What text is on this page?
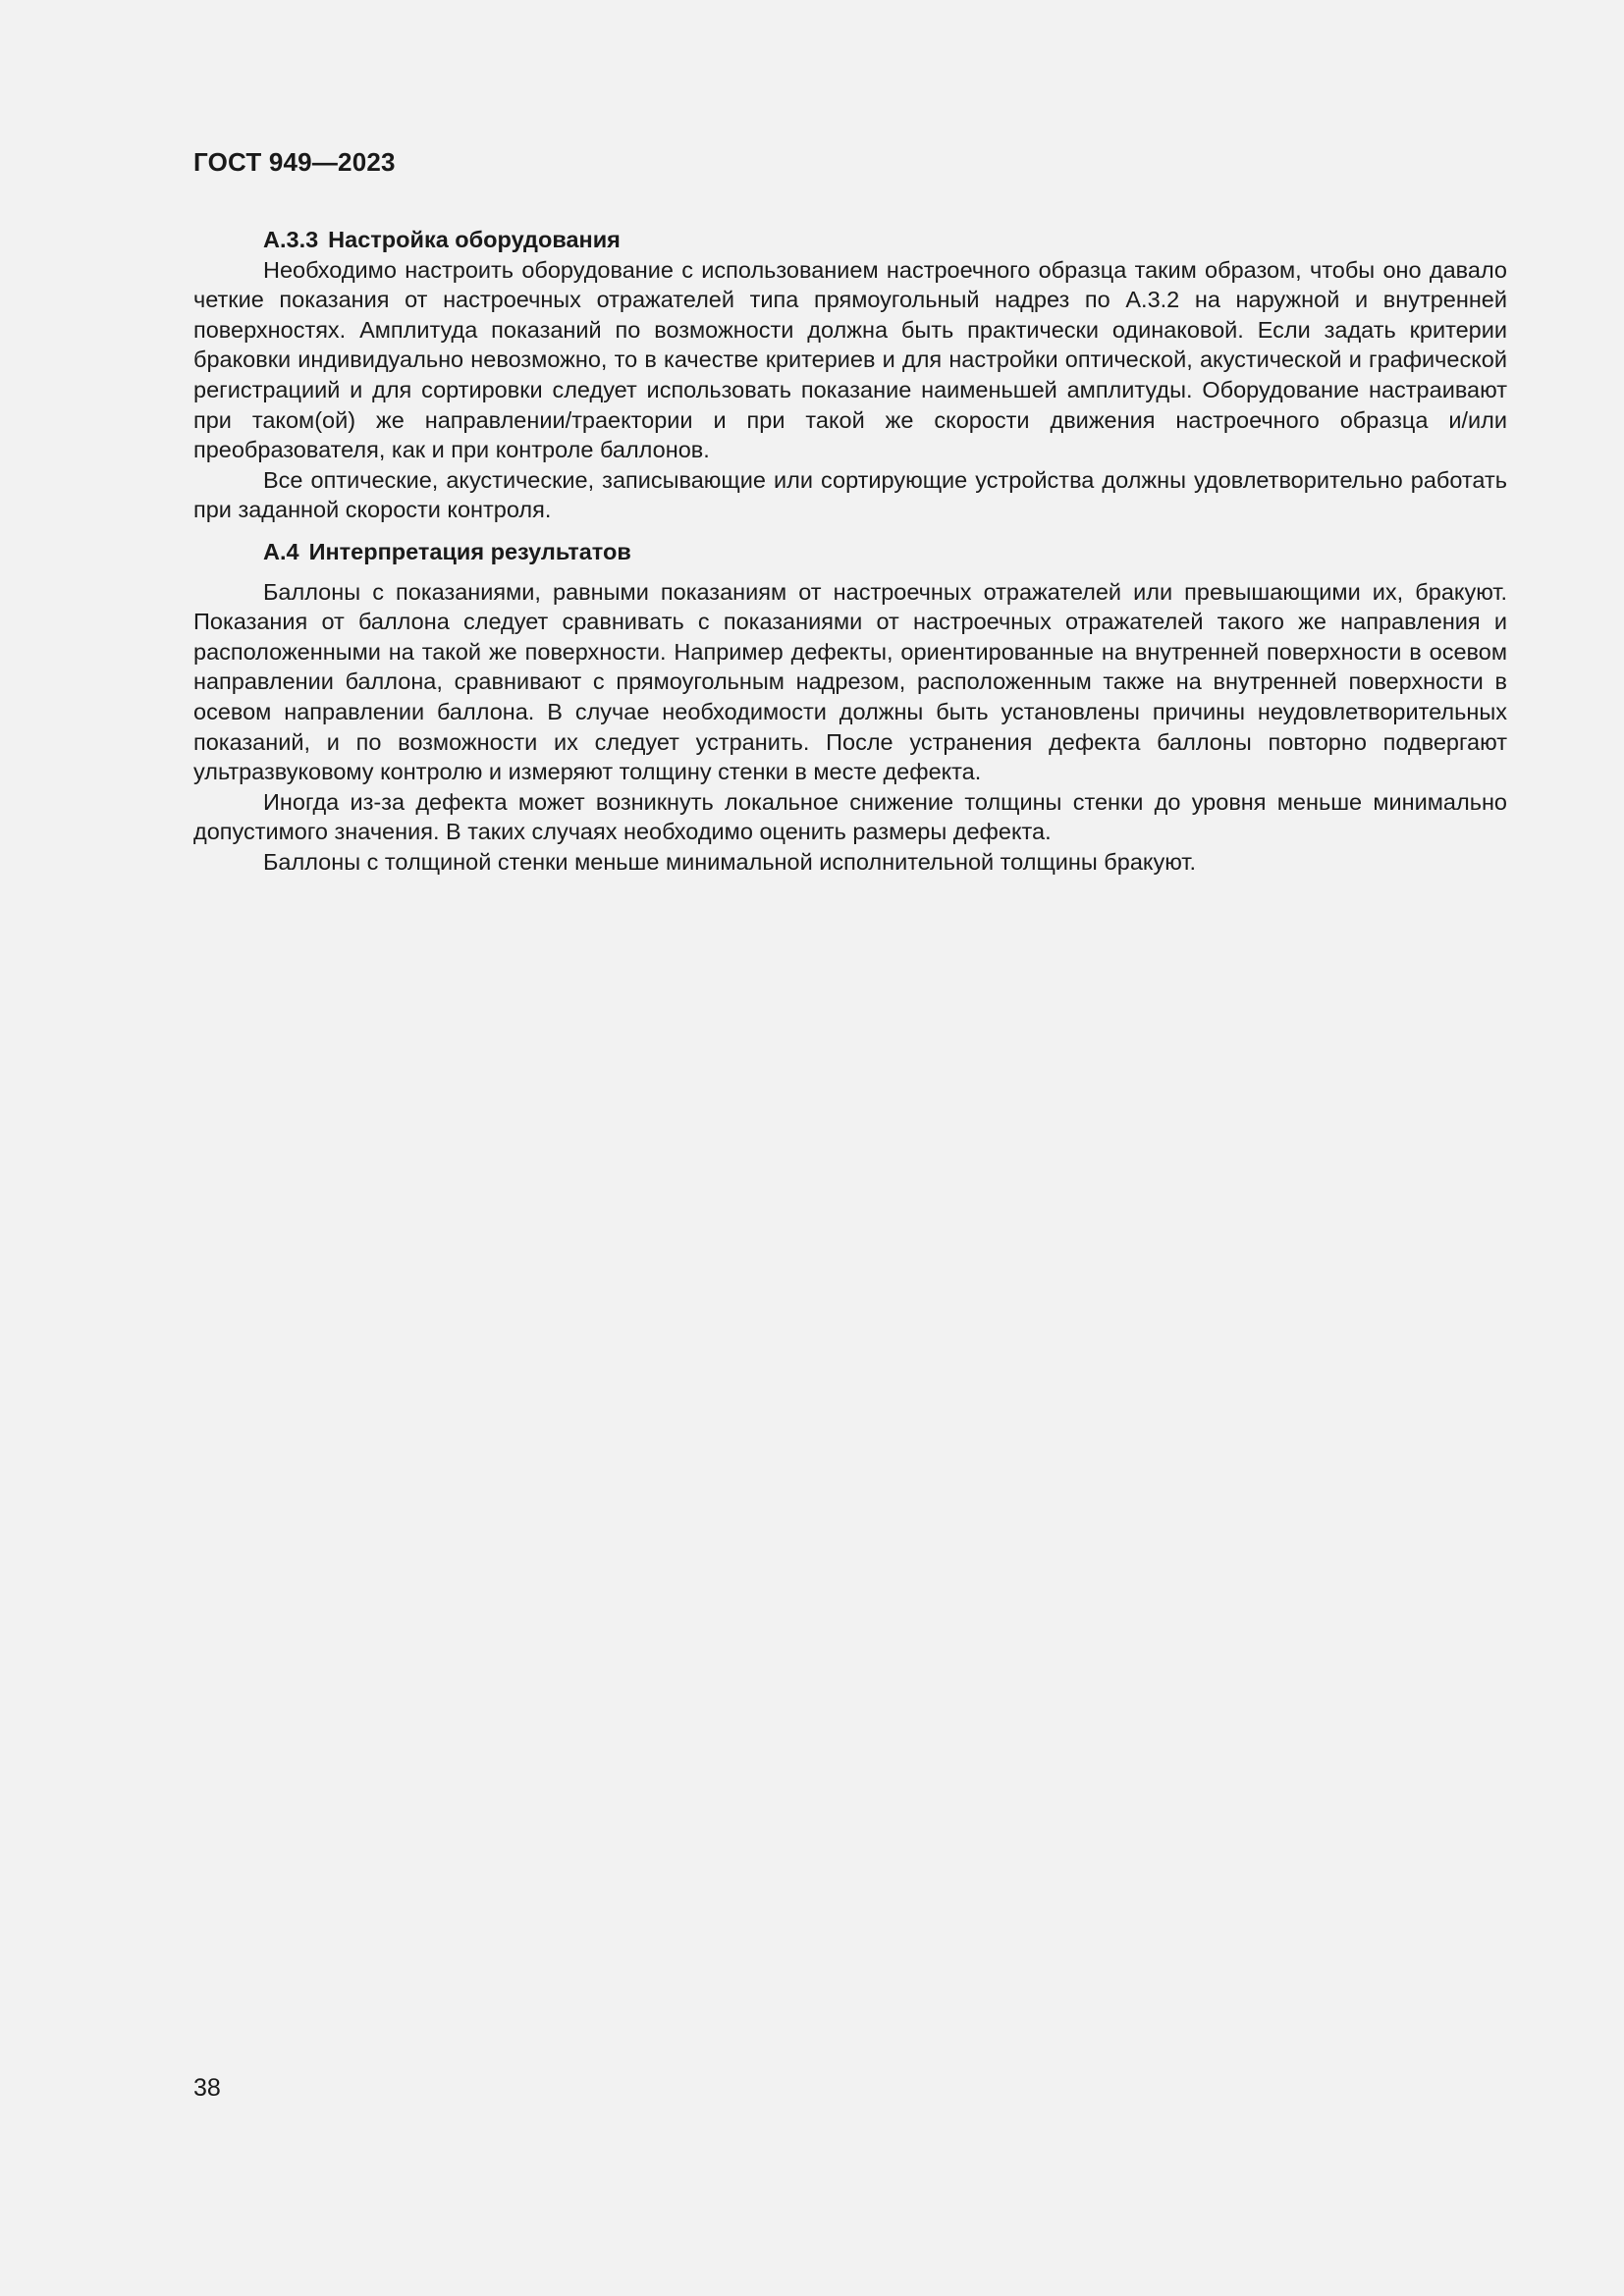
ГОСТ 949—2023

А.3.3 Настройка оборудования

Необходимо настроить оборудование с использованием настроечного образца таким образом, чтобы оно давало четкие показания от настроечных отражателей типа прямоугольный надрез по А.3.2 на наружной и внутренней поверхностях. Амплитуда показаний по возможности должна быть практически одинаковой. Если задать критерии браковки индивидуально невозможно, то в качестве критериев и для настройки оптической, акустической и графической регистрациий и для сортировки следует использовать показание наименьшей амплитуды. Оборудование настраивают при таком(ой) же направлении/траектории и при такой же скорости движения настроечного образца и/или преобразователя, как и при контроле баллонов.

Все оптические, акустические, записывающие или сортирующие устройства должны удовлетворительно работать при заданной скорости контроля.

А.4 Интерпретация результатов

Баллоны с показаниями, равными показаниям от настроечных отражателей или превышающими их, бракуют. Показания от баллона следует сравнивать с показаниями от настроечных отражателей такого же направления и расположенными на такой же поверхности. Например дефекты, ориентированные на внутренней поверхности в осевом направлении баллона, сравнивают с прямоугольным надрезом, расположенным также на внутренней поверхности в осевом направлении баллона. В случае необходимости должны быть установлены причины неудовлетворительных показаний, и по возможности их следует устранить. После устранения дефекта баллоны повторно подвергают ультразвуковому контролю и измеряют толщину стенки в месте дефекта.

Иногда из-за дефекта может возникнуть локальное снижение толщины стенки до уровня меньше минимально допустимого значения. В таких случаях необходимо оценить размеры дефекта.

Баллоны с толщиной стенки меньше минимальной исполнительной толщины бракуют.

38
